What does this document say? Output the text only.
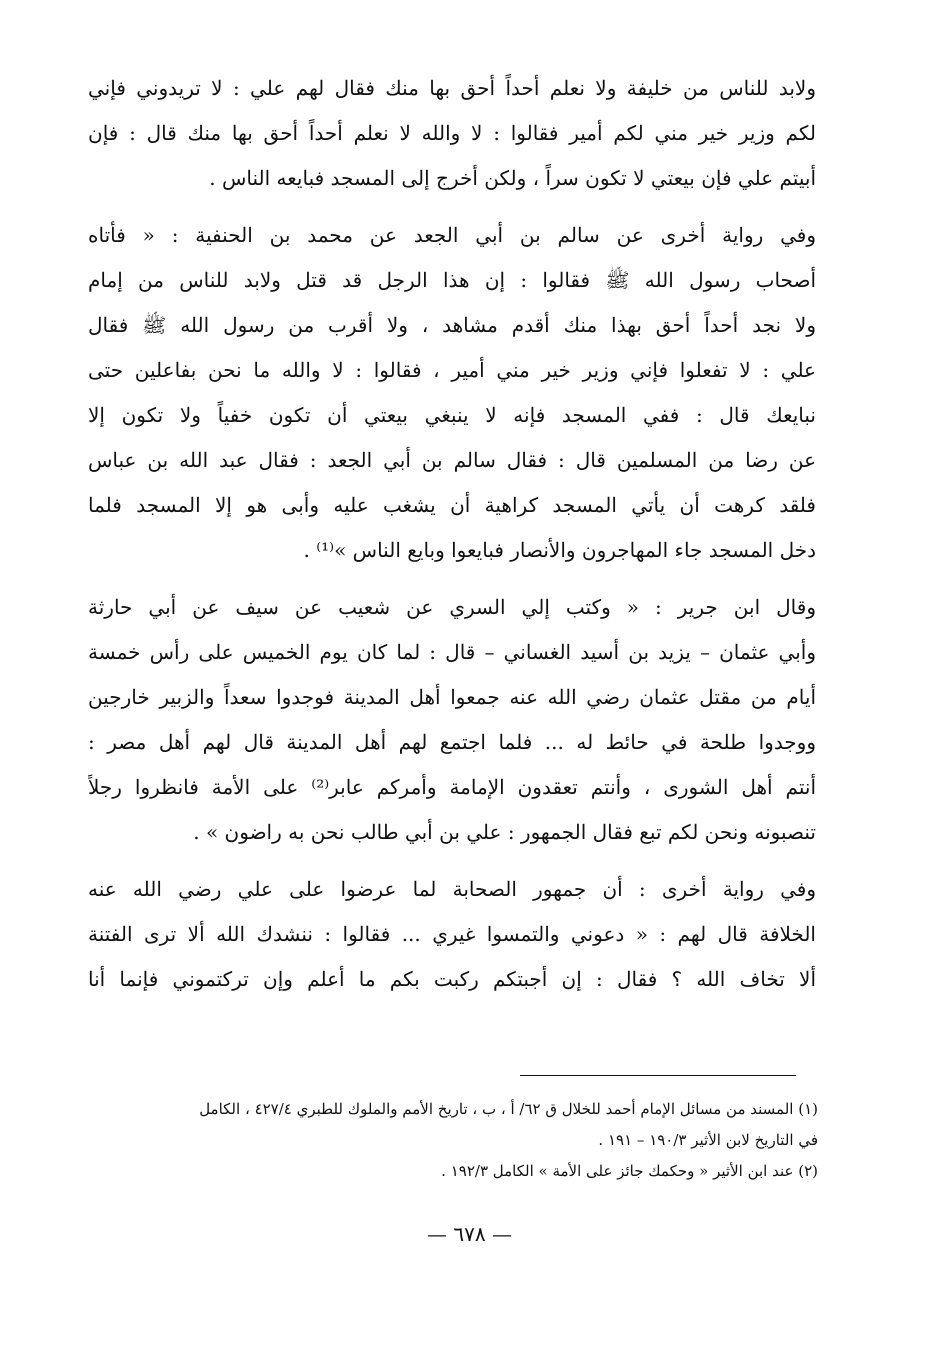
ولابد للناس من خليفة ولا نعلم أحداً أحق بها منك فقال لهم علي : لا تريدوني فإني
لكم وزير خير مني لكم أمير فقالوا : لا والله لا نعلم أحداً أحق بها منك قال : فإن
أبيتم علي فإن بيعتي لا تكون سراً ، ولكن أخرج إلى المسجد فبايعه الناس .

وفي رواية أخرى عن سالم بن أبي الجعد عن محمد بن الحنفية : « فأتاه
أصحاب رسول الله ﷺ فقالوا : إن هذا الرجل قد قتل ولابد للناس من إمام
ولا نجد أحداً أحق بهذا منك أقدم مشاهد ، ولا أقرب من رسول الله ﷺ فقال
علي : لا تفعلوا فإني وزير خير مني أمير ، فقالوا : لا والله ما نحن بفاعلين حتى
نبايعك قال : ففي المسجد فإنه لا ينبغي بيعتي أن تكون خفياً ولا تكون إلا
عن رضا من المسلمين قال : فقال سالم بن أبي الجعد : فقال عبد الله بن عباس
فلقد كرهت أن يأتي المسجد كراهية أن يشغب عليه وأبى هو إلا المسجد فلما
دخل المسجد جاء المهاجرون والأنصار فبايعوا وبايع الناس »⁽¹⁾ .

وقال ابن جرير : « وكتب إلي السري عن شعيب عن سيف عن أبي حارثة
وأبي عثمان – يزيد بن أسيد الغساني – قال : لما كان يوم الخميس على رأس خمسة
أيام من مقتل عثمان رضي الله عنه جمعوا أهل المدينة فوجدوا سعداً والزبير خارجين
ووجدوا طلحة في حائط له ... فلما اجتمع لهم أهل المدينة قال لهم أهل مصر :
أنتم أهل الشورى ، وأنتم تعقدون الإمامة وأمركم عابر⁽²⁾ على الأمة فانظروا رجلاً
تنصبونه ونحن لكم تبع فقال الجمهور : علي بن أبي طالب نحن به راضون » .

وفي رواية أخرى : أن جمهور الصحابة لما عرضوا على علي رضي الله عنه
الخلافة قال لهم : « دعوني والتمسوا غيري ... فقالوا : ننشدك الله ألا ترى الفتنة
ألا تخاف الله ؟ فقال : إن أجبتكم ركبت بكم ما أعلم وإن تركتموني فإنما أنا

(١) المسند من مسائل الإمام أحمد للخلال ق ٦٢/ أ ، ب ، تاريخ الأمم والملوك للطبري ٤٢٧/٤ ، الكامل
في التاريخ لابن الأثير ١٩٠/٣ – ١٩١ .
(٢) عند ابن الأثير « وحكمك جائز على الأمة » الكامل ١٩٢/٣ .
— ٦٧٨ —
